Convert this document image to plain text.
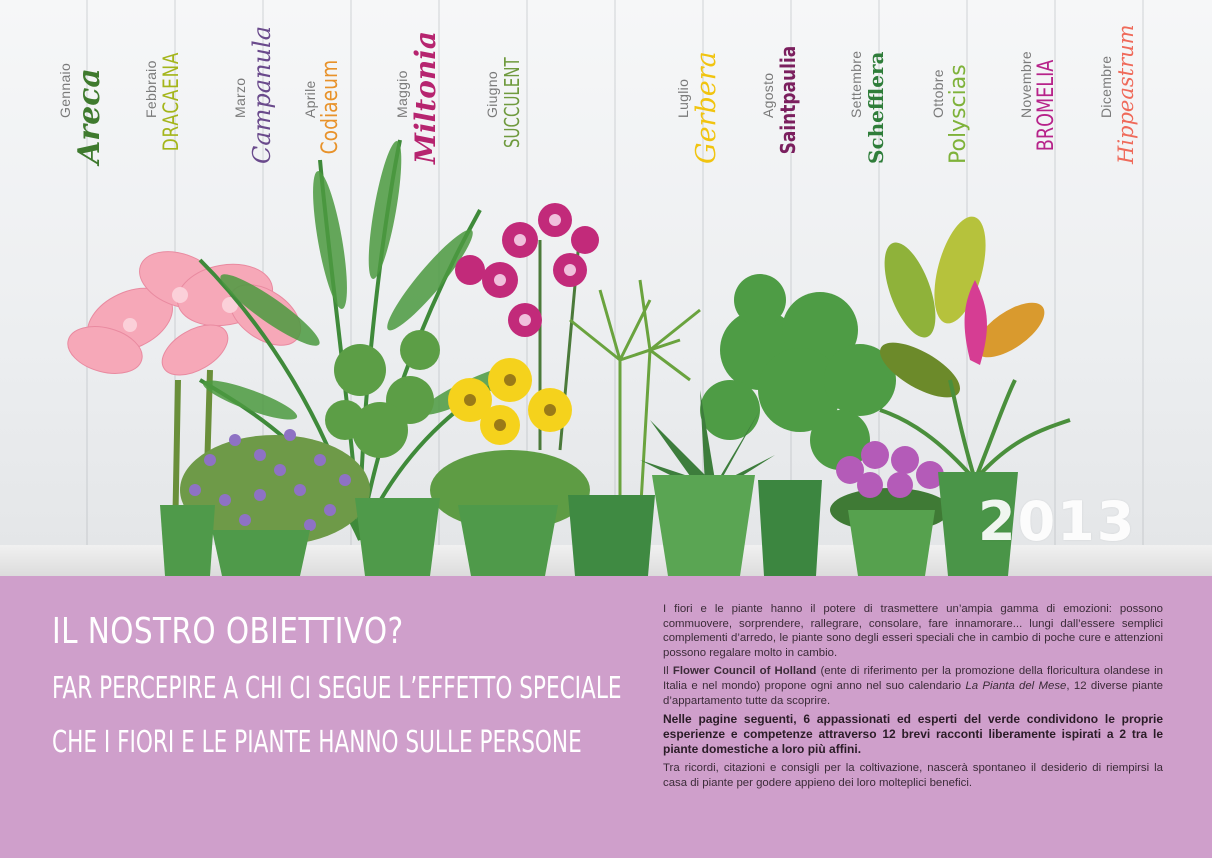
Gennaio Areca	Febbraio DRACAENA	Marzo Campanula Aprile Codiaeum	Maggio Miltonia	Giugno SUCCULENT	Luglio Gerbera	Agosto Saintpaulia	Settembre Schefflera	Ottobre Polyscias	Novembre BROMELIA	Dicembre Hippeastrum
2013
IL NOSTRO OBIETTIVO?
FAR PERCEPIRE A CHI CI SEGUE L’EFFETTO SPECIALE
CHE I FIORI E LE PIANTE HANNO SULLE PERSONE

I fiori e le piante hanno il potere di trasmettere un’ampia gamma di emozioni: possono commuovere, sorprendere, rallegrare, consolare, fare innamorare... lungi dall’essere semplici complementi d’arredo, le piante sono degli esseri speciali che in cambio di poche cure e attenzioni possono regalare molto in cambio.

Il Flower Council of Holland (ente di riferimento per la promozione della floricultura olandese in Italia e nel mondo) propone ogni anno nel suo calendario La Pianta del Mese, 12 diverse piante d’appartamento tutte da scoprire.

Nelle pagine seguenti, 6 appassionati ed esperti del verde condividono le proprie esperienze e competenze attraverso 12 brevi racconti liberamente ispirati a 2 tra le piante domestiche a loro più affini.

Tra ricordi, citazioni e consigli per la coltivazione, nascerà spontaneo il desiderio di riempirsi la casa di piante per godere appieno dei loro molteplici benefici.
